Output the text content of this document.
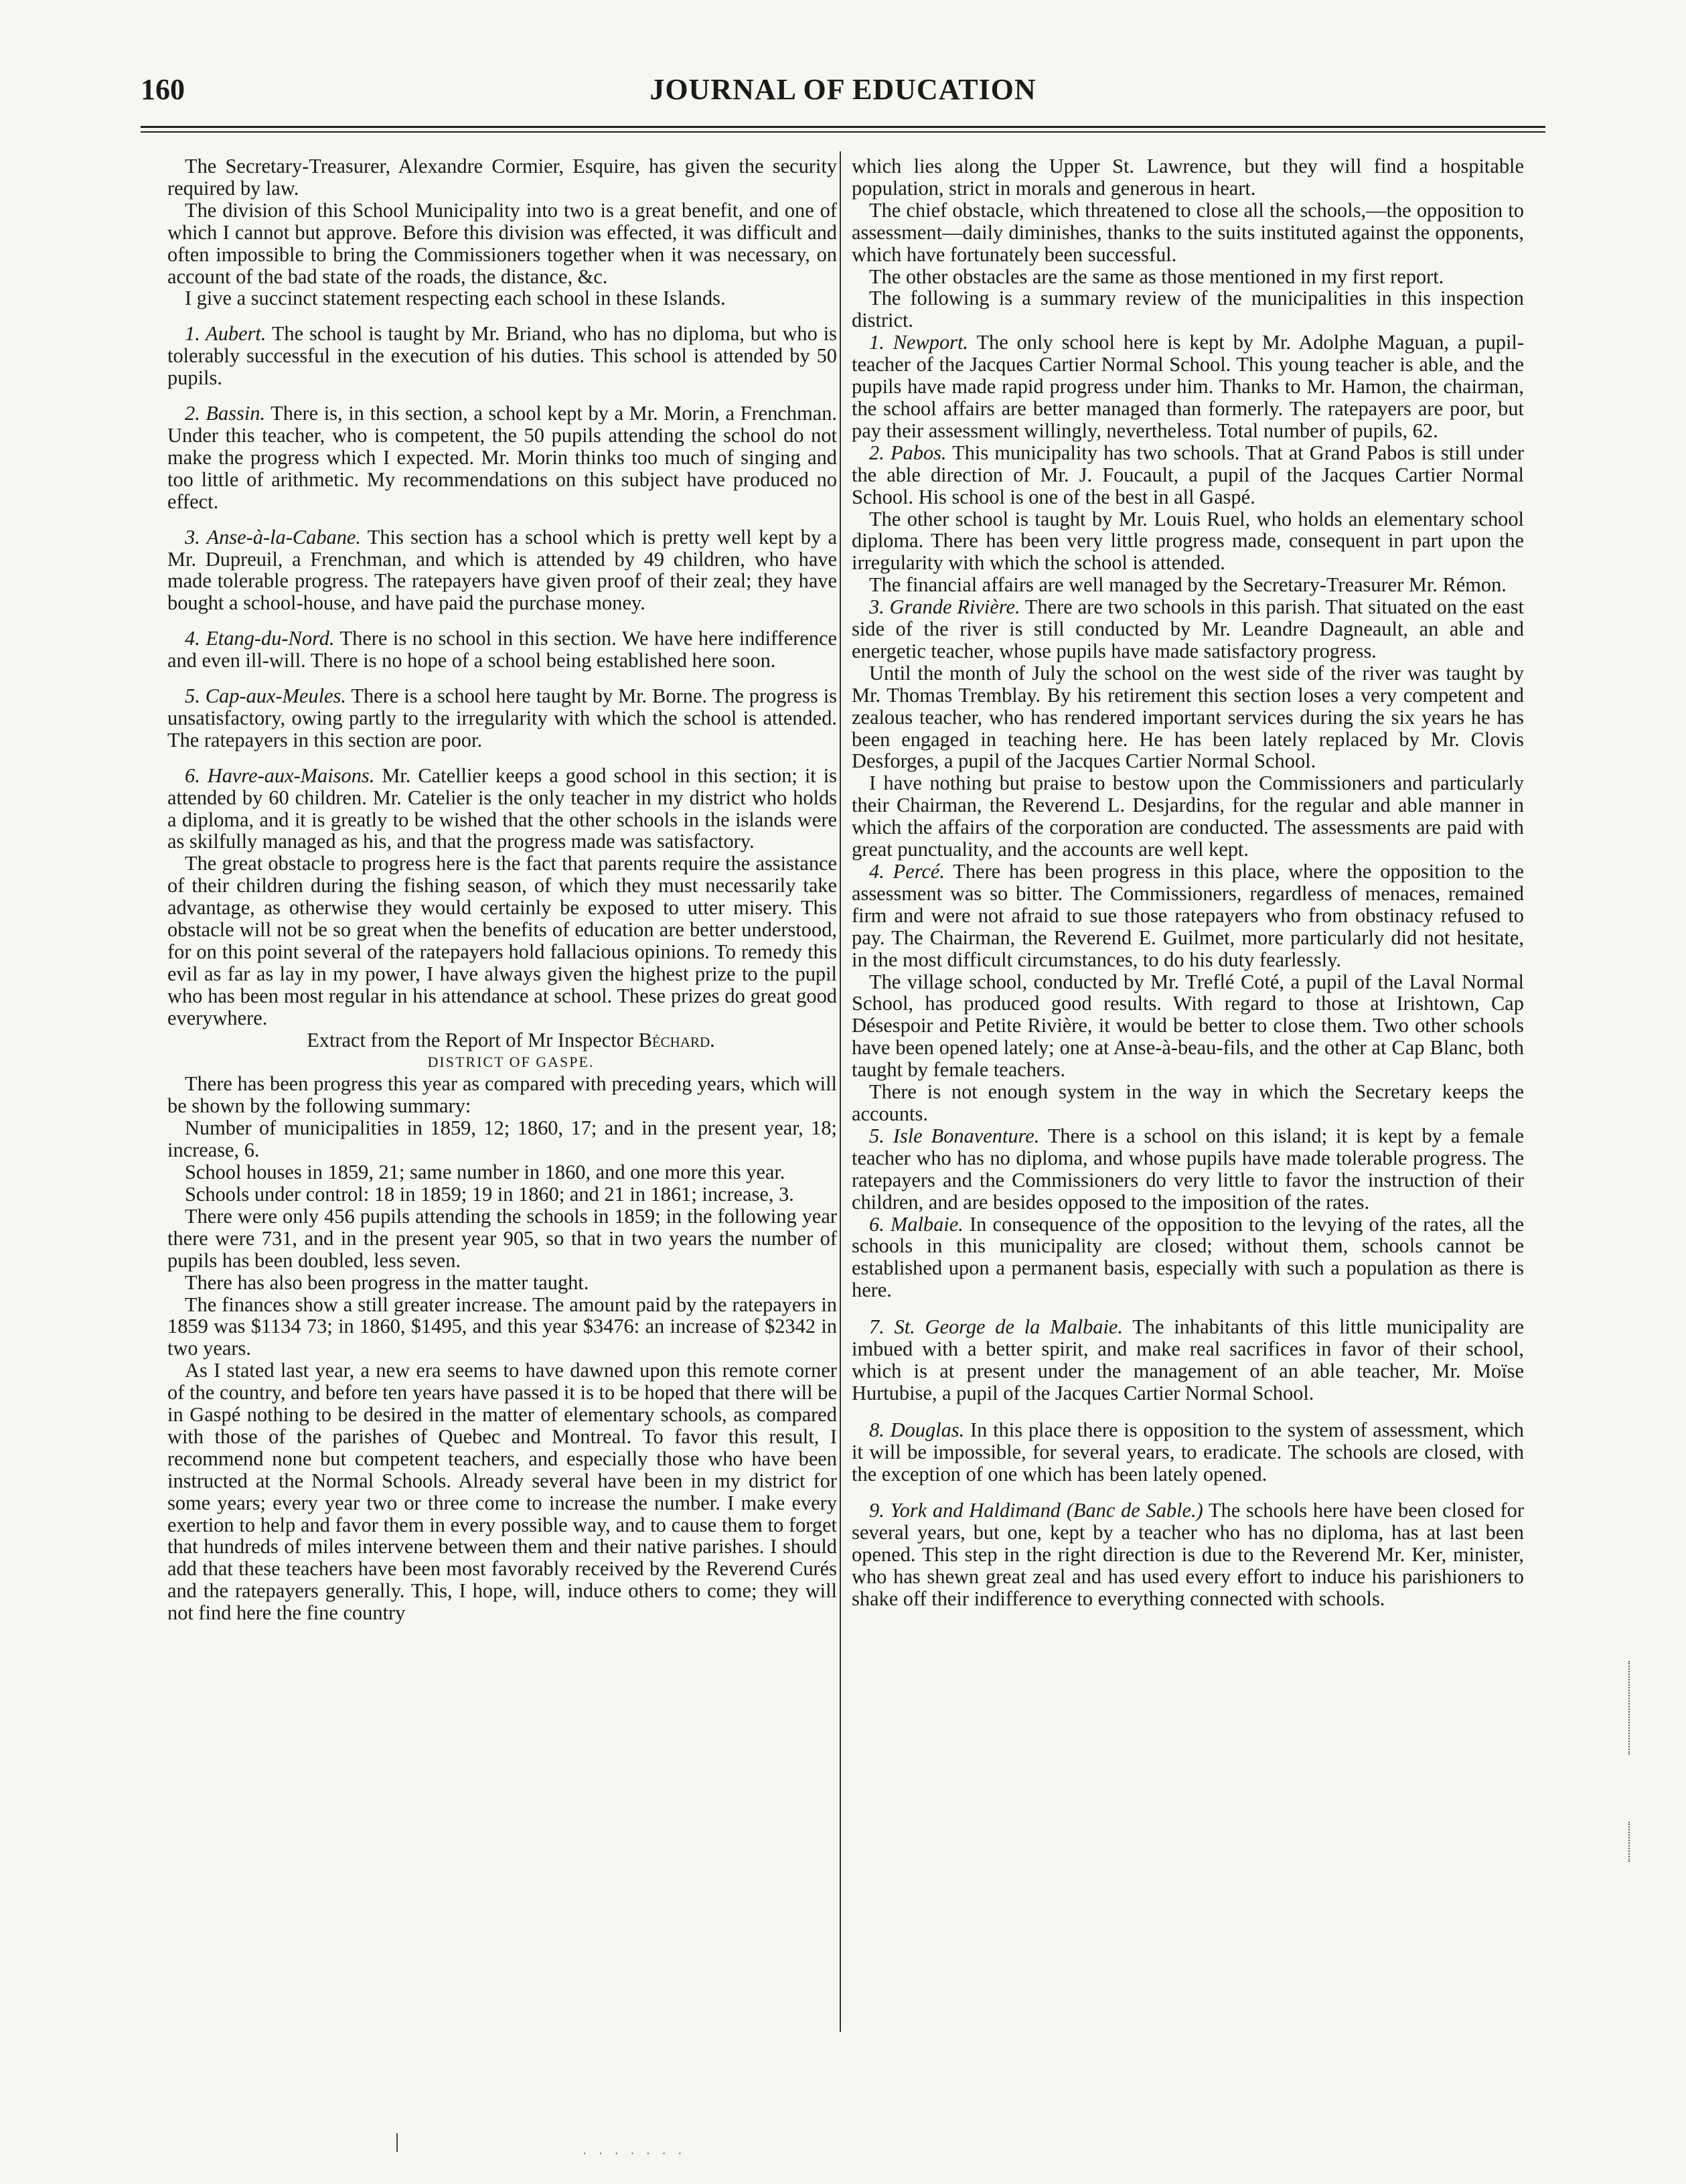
160	JOURNAL OF EDUCATION

The Secretary-Treasurer, Alexandre Cormier, Esquire, has given the security required by law.

The division of this School Municipality into two is a great benefit, and one of which I cannot but approve. Before this division was effected, it was difficult and often impossible to bring the Commissioners together when it was necessary, on account of the bad state of the roads, the distance, &c.

I give a succinct statement respecting each school in these Islands.

1. Aubert. The school is taught by Mr. Briand, who has no diploma, but who is tolerably successful in the execution of his duties. This school is attended by 50 pupils.

2. Bassin. There is, in this section, a school kept by a Mr. Morin, a Frenchman. Under this teacher, who is competent, the 50 pupils attending the school do not make the progress which I expected. Mr. Morin thinks too much of singing and too little of arithmetic. My recommendations on this subject have produced no effect.

3. Anse-à-la-Cabane. This section has a school which is pretty well kept by a Mr. Dupreuil, a Frenchman, and which is attended by 49 children, who have made tolerable progress. The ratepayers have given proof of their zeal; they have bought a school-house, and have paid the purchase money.

4. Etang-du-Nord. There is no school in this section. We have here indifference and even ill-will. There is no hope of a school being established here soon.

5. Cap-aux-Meules. There is a school here taught by Mr. Borne. The progress is unsatisfactory, owing partly to the irregularity with which the school is attended. The ratepayers in this section are poor.

6. Havre-aux-Maisons. Mr. Catellier keeps a good school in this section; it is attended by 60 children. Mr. Catelier is the only teacher in my district who holds a diploma, and it is greatly to be wished that the other schools in the islands were as skilfully managed as his, and that the progress made was satisfactory.

The great obstacle to progress here is the fact that parents require the assistance of their children during the fishing season, of which they must necessarily take advantage, as otherwise they would certainly be exposed to utter misery. This obstacle will not be so great when the benefits of education are better understood, for on this point several of the ratepayers hold fallacious opinions. To remedy this evil as far as lay in my power, I have always given the highest prize to the pupil who has been most regular in his attendance at school. These prizes do great good everywhere.

Extract from the Report of Mr Inspector Béchard.

DISTRICT OF GASPE.

There has been progress this year as compared with preceding years, which will be shown by the following summary:

Number of municipalities in 1859, 12; 1860, 17; and in the present year, 18; increase, 6.

School houses in 1859, 21; same number in 1860, and one more this year.

Schools under control: 18 in 1859; 19 in 1860; and 21 in 1861; increase, 3.

There were only 456 pupils attending the schools in 1859; in the following year there were 731, and in the present year 905, so that in two years the number of pupils has been doubled, less seven.

There has also been progress in the matter taught.

The finances show a still greater increase. The amount paid by the ratepayers in 1859 was $1134 73; in 1860, $1495, and this year $3476: an increase of $2342 in two years.

As I stated last year, a new era seems to have dawned upon this remote corner of the country, and before ten years have passed it is to be hoped that there will be in Gaspé nothing to be desired in the matter of elementary schools, as compared with those of the parishes of Quebec and Montreal. To favor this result, I recommend none but competent teachers, and especially those who have been instructed at the Normal Schools. Already several have been in my district for some years; every year two or three come to increase the number. I make every exertion to help and favor them in every possible way, and to cause them to forget that hundreds of miles intervene between them and their native parishes. I should add that these teachers have been most favorably received by the Reverend Curés and the ratepayers generally. This, I hope, will, induce others to come; they will not find here the fine country

which lies along the Upper St. Lawrence, but they will find a hospitable population, strict in morals and generous in heart.

The chief obstacle, which threatened to close all the schools,—the opposition to assessment—daily diminishes, thanks to the suits instituted against the opponents, which have fortunately been successful.

The other obstacles are the same as those mentioned in my first report.

The following is a summary review of the municipalities in this inspection district.

1. Newport. The only school here is kept by Mr. Adolphe Maguan, a pupil-teacher of the Jacques Cartier Normal School. This young teacher is able, and the pupils have made rapid progress under him. Thanks to Mr. Hamon, the chairman, the school affairs are better managed than formerly. The ratepayers are poor, but pay their assessment willingly, nevertheless. Total number of pupils, 62.

2. Pabos. This municipality has two schools. That at Grand Pabos is still under the able direction of Mr. J. Foucault, a pupil of the Jacques Cartier Normal School. His school is one of the best in all Gaspé.

The other school is taught by Mr. Louis Ruel, who holds an elementary school diploma. There has been very little progress made, consequent in part upon the irregularity with which the school is attended.

The financial affairs are well managed by the Secretary-Treasurer Mr. Rémon.

3. Grande Rivière. There are two schools in this parish. That situated on the east side of the river is still conducted by Mr. Leandre Dagneault, an able and energetic teacher, whose pupils have made satisfactory progress.

Until the month of July the school on the west side of the river was taught by Mr. Thomas Tremblay. By his retirement this section loses a very competent and zealous teacher, who has rendered important services during the six years he has been engaged in teaching here. He has been lately replaced by Mr. Clovis Desforges, a pupil of the Jacques Cartier Normal School.

I have nothing but praise to bestow upon the Commissioners and particularly their Chairman, the Reverend L. Desjardins, for the regular and able manner in which the affairs of the corporation are conducted. The assessments are paid with great punctuality, and the accounts are well kept.

4. Percé. There has been progress in this place, where the opposition to the assessment was so bitter. The Commissioners, regardless of menaces, remained firm and were not afraid to sue those ratepayers who from obstinacy refused to pay. The Chairman, the Reverend E. Guilmet, more particularly did not hesitate, in the most difficult circumstances, to do his duty fearlessly.

The village school, conducted by Mr. Treflé Coté, a pupil of the Laval Normal School, has produced good results. With regard to those at Irishtown, Cap Désespoir and Petite Rivière, it would be better to close them. Two other schools have been opened lately; one at Anse-à-beau-fils, and the other at Cap Blanc, both taught by female teachers.

There is not enough system in the way in which the Secretary keeps the accounts.

5. Isle Bonaventure. There is a school on this island; it is kept by a female teacher who has no diploma, and whose pupils have made tolerable progress. The ratepayers and the Commissioners do very little to favor the instruction of their children, and are besides opposed to the imposition of the rates.

6. Malbaie. In consequence of the opposition to the levying of the rates, all the schools in this municipality are closed; without them, schools cannot be established upon a permanent basis, especially with such a population as there is here.

7. St. George de la Malbaie. The inhabitants of this little municipality are imbued with a better spirit, and make real sacrifices in favor of their school, which is at present under the management of an able teacher, Mr. Moïse Hurtubise, a pupil of the Jacques Cartier Normal School.

8. Douglas. In this place there is opposition to the system of assessment, which it will be impossible, for several years, to eradicate. The schools are closed, with the exception of one which has been lately opened.

9. York and Haldimand (Banc de Sable.) The schools here have been closed for several years, but one, kept by a teacher who has no diploma, has at last been opened. This step in the right direction is due to the Reverend Mr. Ker, minister, who has shewn great zeal and has used every effort to induce his parishioners to shake off their indifference to everything connected with schools.

· · · · · · ·
